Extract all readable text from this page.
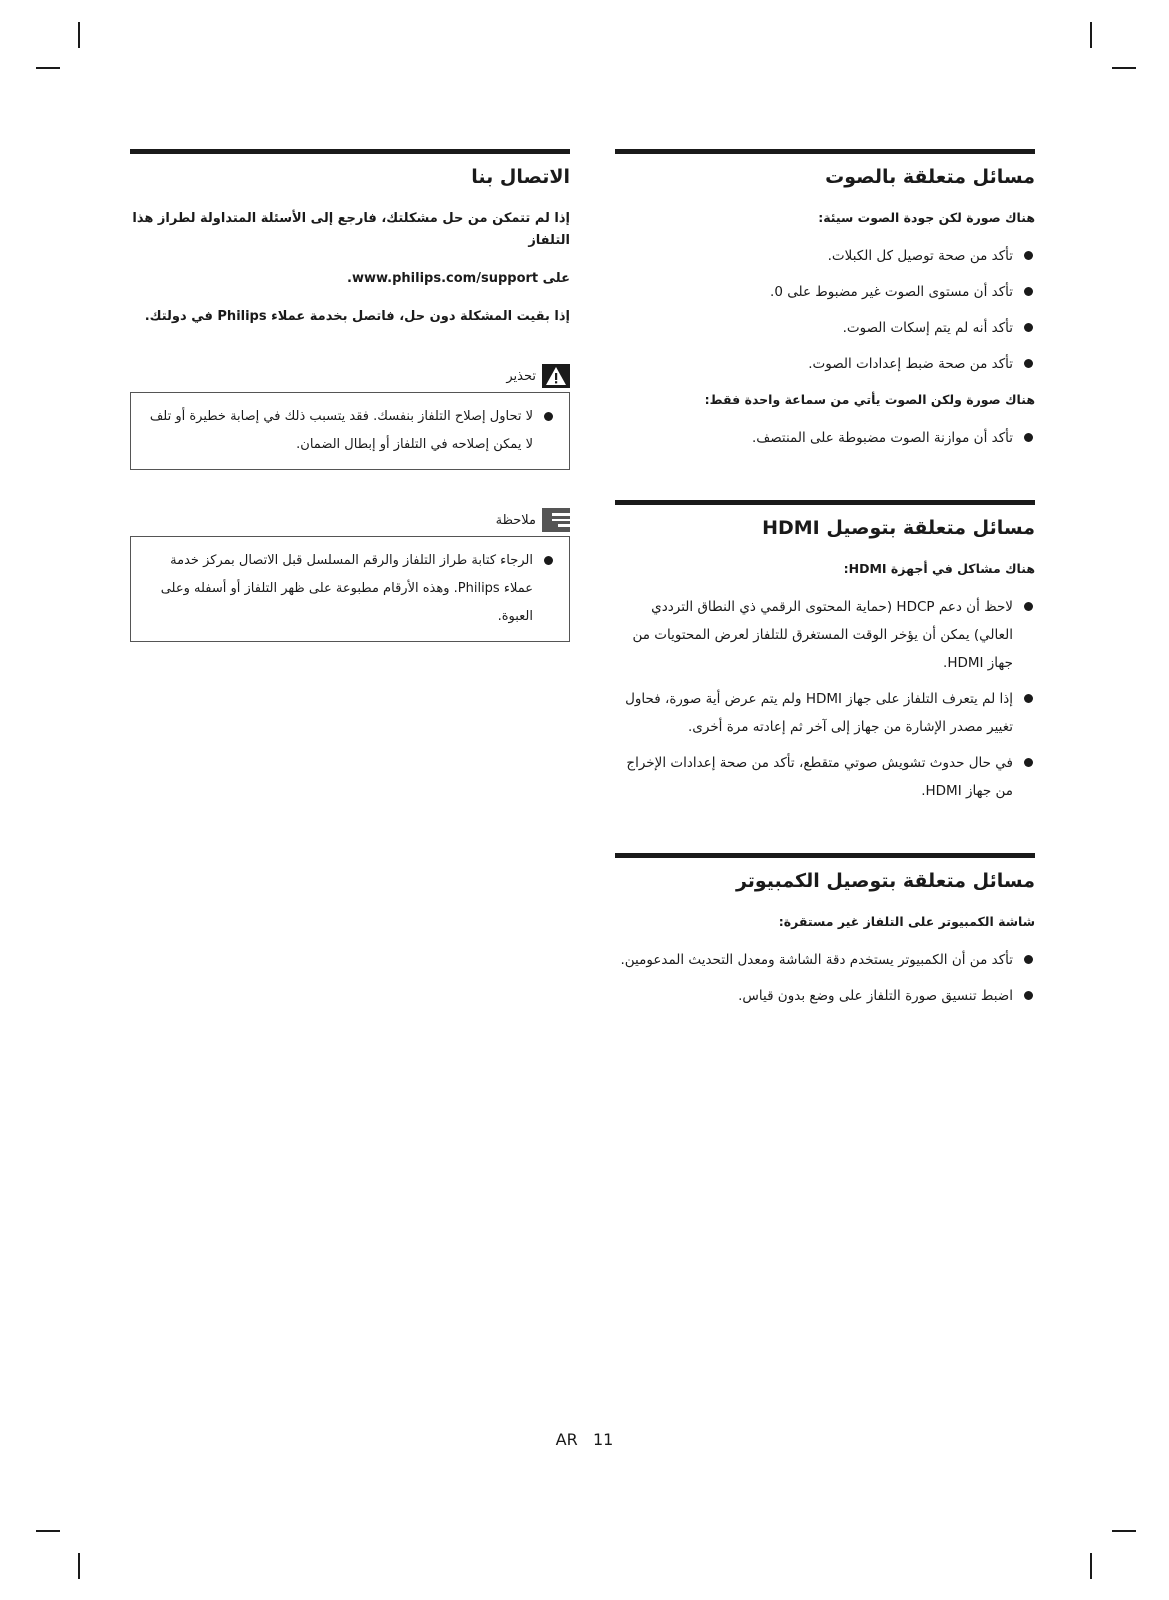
مسائل متعلقة بالصوت
هناك صورة لكن جودة الصوت سيئة:
تأكد من صحة توصيل كل الكبلات.
تأكد أن مستوى الصوت غير مضبوط على 0.
تأكد أنه لم يتم إسكات الصوت.
تأكد من صحة ضبط إعدادات الصوت.
هناك صورة ولكن الصوت يأتي من سماعة واحدة فقط:
تأكد أن موازنة الصوت مضبوطة على المنتصف.
مسائل متعلقة بتوصيل HDMI
هناك مشاكل في أجهزة HDMI:
لاحظ أن دعم HDCP (حماية المحتوى الرقمي ذي النطاق الترددي العالي) يمكن أن يؤخر الوقت المستغرق للتلفاز لعرض المحتويات من جهاز HDMI.
إذا لم يتعرف التلفاز على جهاز HDMI ولم يتم عرض أية صورة، فحاول تغيير مصدر الإشارة من جهاز إلى آخر ثم إعادته مرة أخرى.
في حال حدوث تشويش صوتي متقطع، تأكد من صحة إعدادات الإخراج من جهاز HDMI.
مسائل متعلقة بتوصيل الكمبيوتر
شاشة الكمبيوتر على التلفاز غير مستقرة:
تأكد من أن الكمبيوتر يستخدم دقة الشاشة ومعدل التحديث المدعومين.
اضبط تنسيق صورة التلفاز على وضع بدون قياس.
الاتصال بنا

إذا لم تتمكن من حل مشكلتك، فارجع إلى الأسئلة المتداولة لطراز هذا التلفاز

على www.philips.com/support.

إذا بقيت المشكلة دون حل، فاتصل بخدمة عملاء Philips في دولتك.

تحذير
لا تحاول إصلاح التلفاز بنفسك. فقد يتسبب ذلك في إصابة خطيرة أو تلف لا يمكن إصلاحه في التلفاز أو إبطال الضمان.
ملاحظة
الرجاء كتابة طراز التلفاز والرقم المسلسل قبل الاتصال بمركز خدمة عملاء Philips. وهذه الأرقام مطبوعة على ظهر التلفاز أو أسفله وعلى العبوة.
AR 11
